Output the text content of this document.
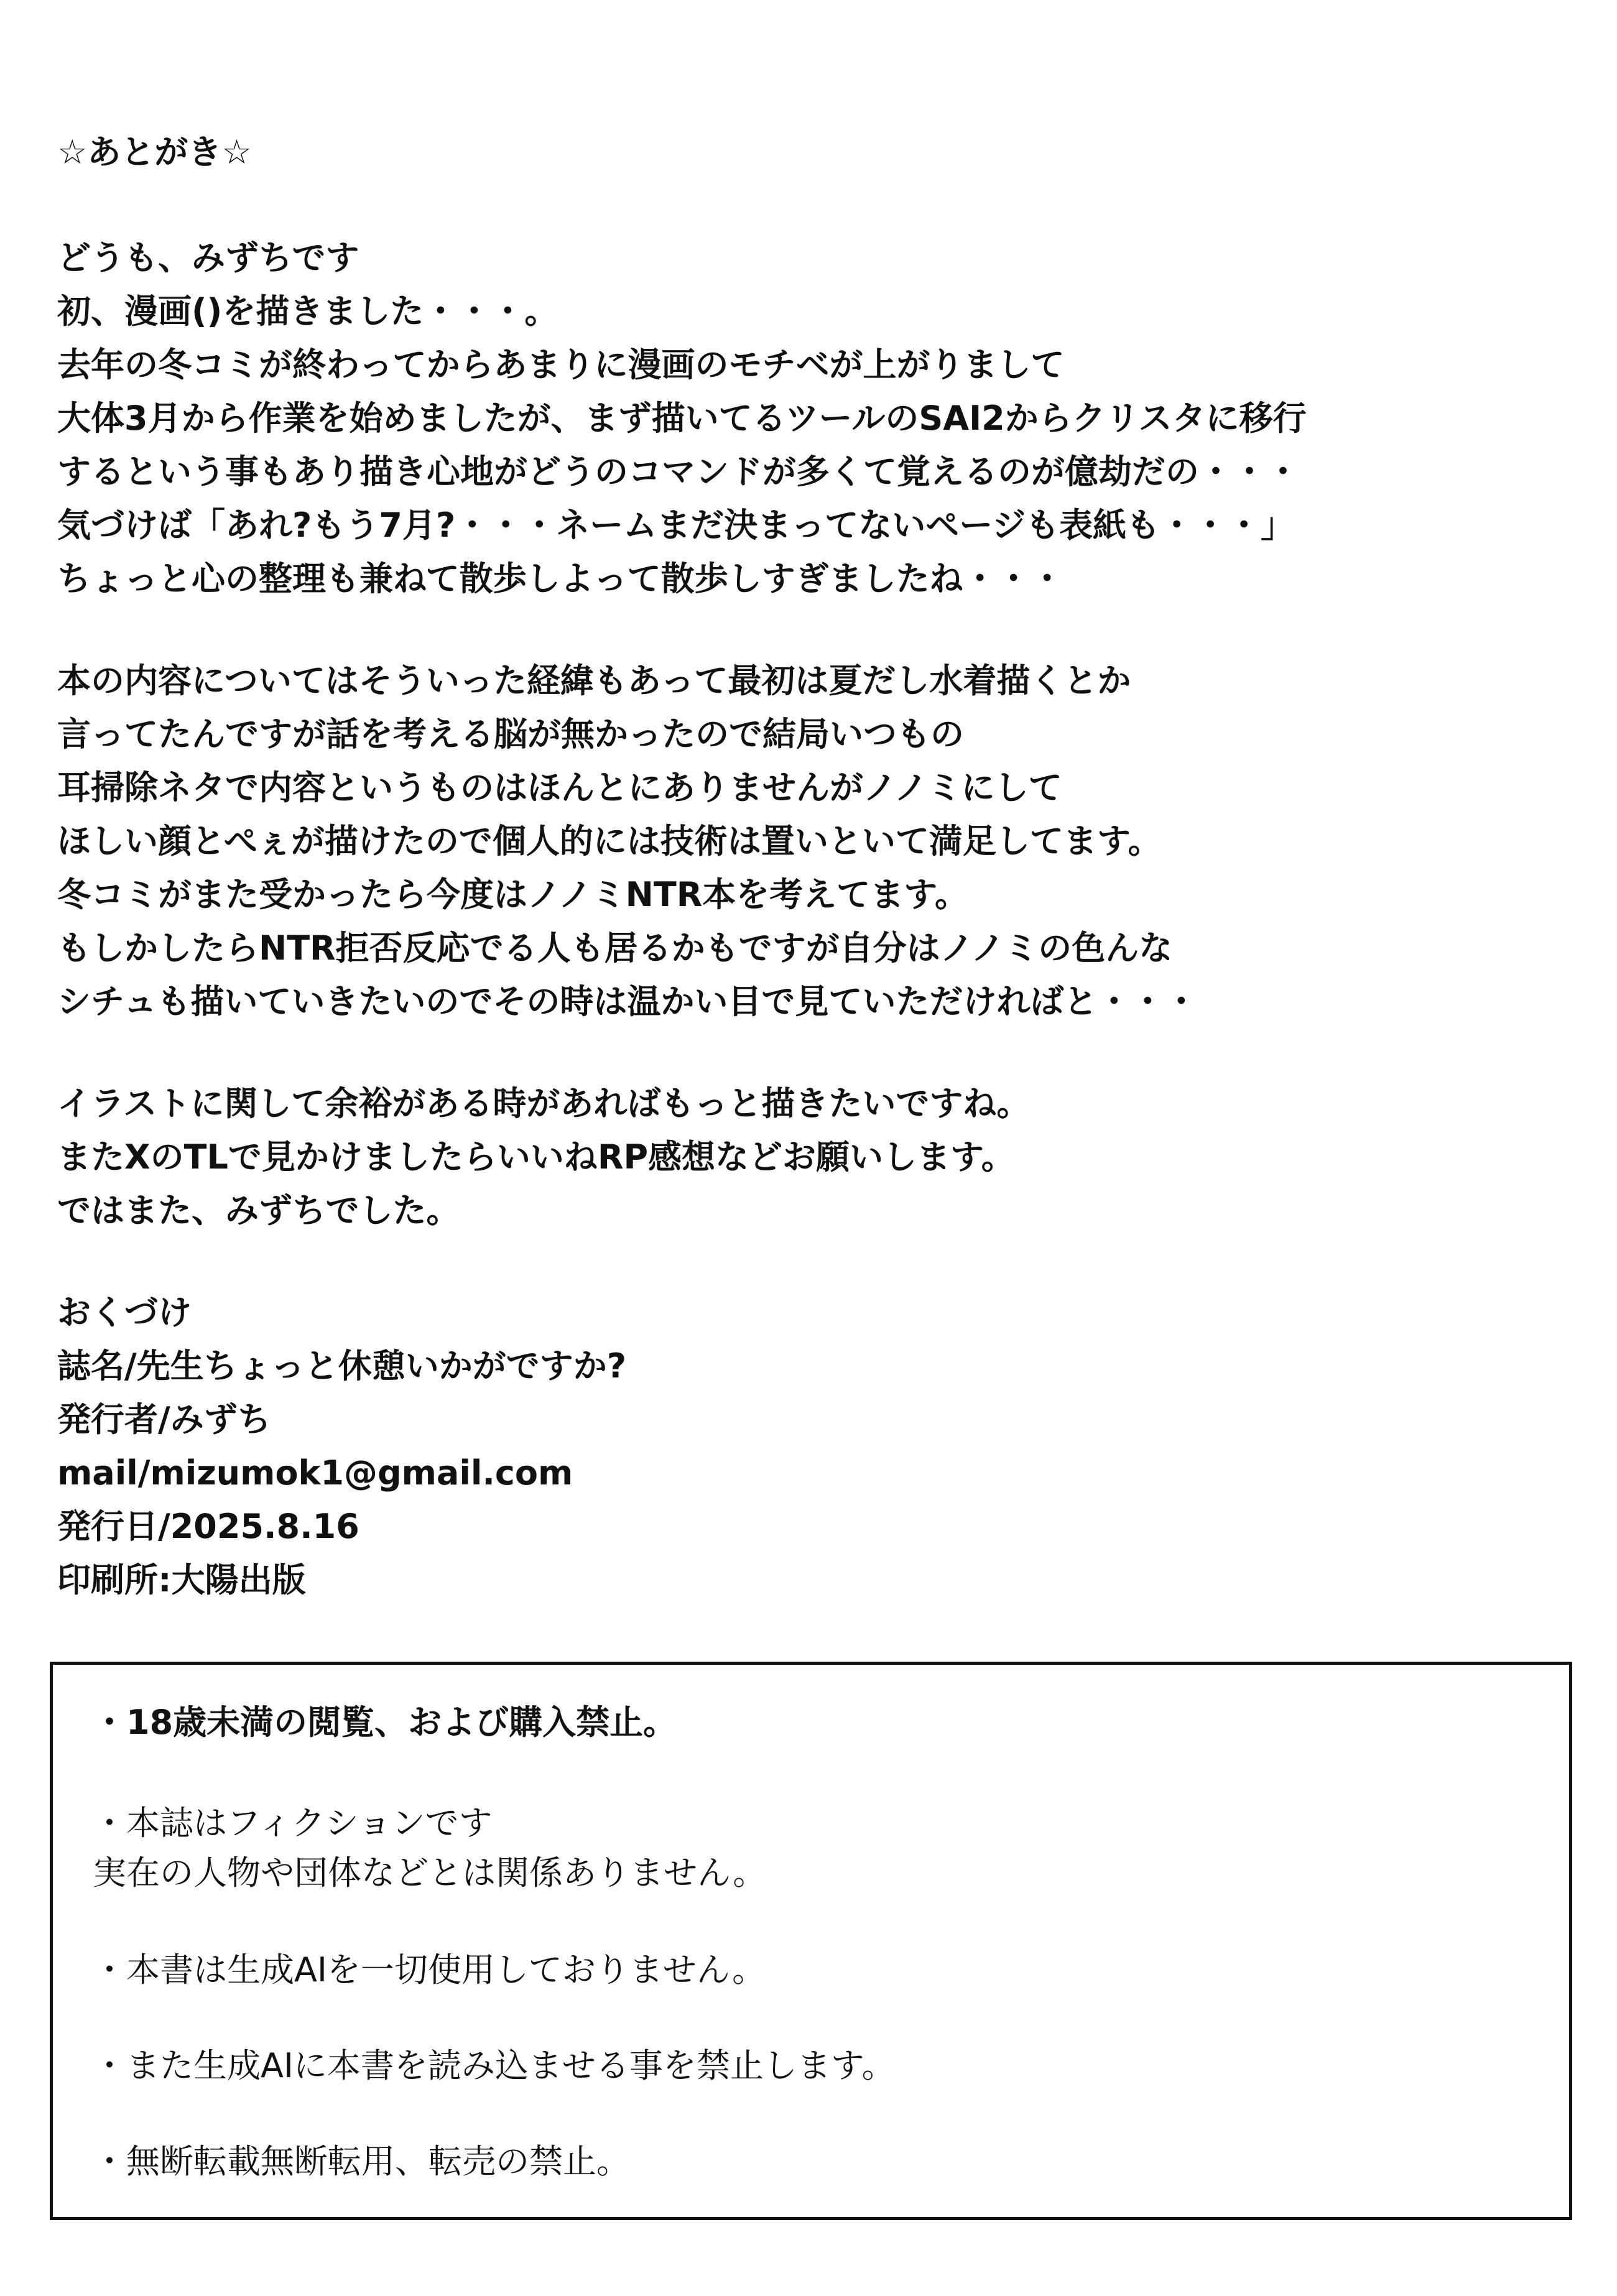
☆あとがき☆
どうも、みずちです
初、漫画()を描きました・・・。
去年の冬コミが終わってからあまりに漫画のモチベが上がりまして
大体3月から作業を始めましたが、まず描いてるツールのSAI2からクリスタに移行
するという事もあり描き心地がどうのコマンドが多くて覚えるのが億劫だの・・・
気づけば「あれ?もう7月?・・・ネームまだ決まってないページも表紙も・・・」
ちょっと心の整理も兼ねて散歩しよって散歩しすぎましたね・・・
本の内容についてはそういった経緯もあって最初は夏だし水着描くとか
言ってたんですが話を考える脳が無かったので結局いつもの
耳掃除ネタで内容というものはほんとにありませんがノノミにして
ほしい顔とぺぇが描けたので個人的には技術は置いといて満足してます。
冬コミがまた受かったら今度はノノミNTR本を考えてます。
もしかしたらNTR拒否反応でる人も居るかもですが自分はノノミの色んな
シチュも描いていきたいのでその時は温かい目で見ていただければと・・・
イラストに関して余裕がある時があればもっと描きたいですね。
またXのTLで見かけましたらいいねRP感想などお願いします。
ではまた、みずちでした。
おくづけ
誌名/先生ちょっと休憩いかがですか?
発行者/みずち
mail/mizumok1@gmail.com
発行日/2025.8.16
印刷所:大陽出版
・18歳未満の閲覧、および購入禁止。
・本誌はフィクションです
実在の人物や団体などとは関係ありません。
・本書は生成AIを一切使用しておりません。
・また生成AIに本書を読み込ませる事を禁止します。
・無断転載無断転用、転売の禁止。
